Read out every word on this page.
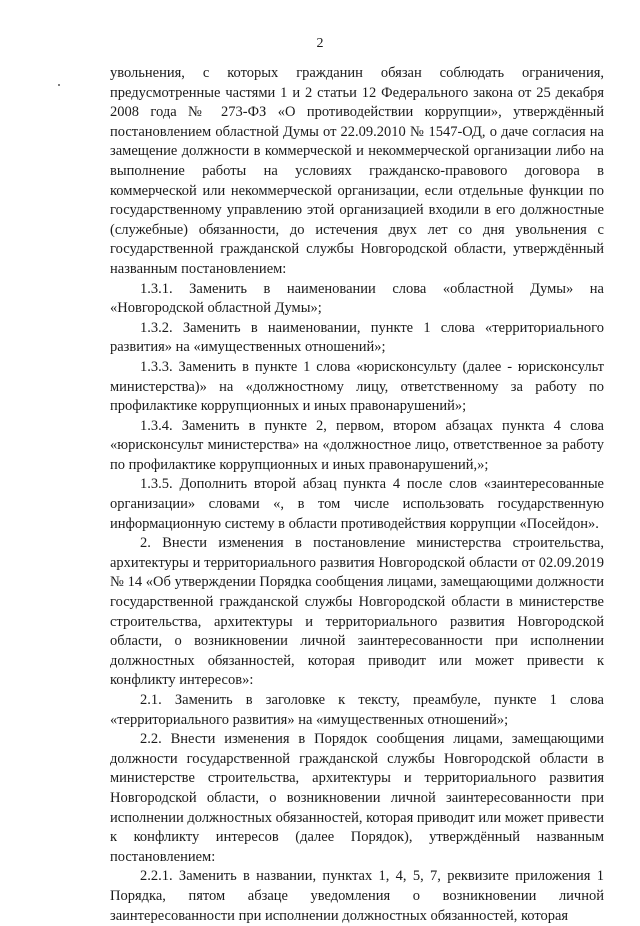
2

увольнения, с которых гражданин обязан соблюдать ограничения, предусмотренные частями 1 и 2 статьи 12 Федерального закона от 25 декабря 2008 года № 273-ФЗ «О противодействии коррупции», утверждённый постановлением областной Думы от 22.09.2010 № 1547-ОД, о даче согласия на замещение должности в коммерческой и некоммерческой организации либо на выполнение работы на условиях гражданско-правового договора в коммерческой или некоммерческой организации, если отдельные функции по государственному управлению этой организацией входили в его должностные (служебные) обязанности, до истечения двух лет со дня увольнения с государственной гражданской службы Новгородской области, утверждённый названным постановлением:

1.3.1. Заменить в наименовании слова «областной Думы» на «Новгородской областной Думы»;

1.3.2. Заменить в наименовании, пункте 1 слова «территориального развития» на «имущественных отношений»;

1.3.3. Заменить в пункте 1 слова «юрисконсульту (далее - юрисконсульт министерства)» на «должностному лицу, ответственному за работу по профилактике коррупционных и иных правонарушений»;

1.3.4. Заменить в пункте 2, первом, втором абзацах пункта 4 слова «юрисконсульт министерства» на «должностное лицо, ответственное за работу по профилактике коррупционных и иных правонарушений,»;

1.3.5. Дополнить второй абзац пункта 4 после слов «заинтересованные организации» словами «, в том числе использовать государственную информационную систему в области противодействия коррупции «Посейдон».

2. Внести изменения в постановление министерства строительства, архитектуры и территориального развития Новгородской области от 02.09.2019 № 14 «Об утверждении Порядка сообщения лицами, замещающими должности государственной гражданской службы Новгородской области в министерстве строительства, архитектуры и территориального развития Новгородской области, о возникновении личной заинтересованности при исполнении должностных обязанностей, которая приводит или может привести к конфликту интересов»:

2.1. Заменить в заголовке к тексту, преамбуле, пункте 1 слова «территориального развития» на «имущественных отношений»;

2.2. Внести изменения в Порядок сообщения лицами, замещающими должности государственной гражданской службы Новгородской области в министерстве строительства, архитектуры и территориального развития Новгородской области, о возникновении личной заинтересованности при исполнении должностных обязанностей, которая приводит или может привести к конфликту интересов (далее Порядок), утверждённый названным постановлением:

2.2.1. Заменить в названии, пунктах 1, 4, 5, 7, реквизите приложения 1 Порядка, пятом абзаце уведомления о возникновении личной заинтересованности при исполнении должностных обязанностей, которая
